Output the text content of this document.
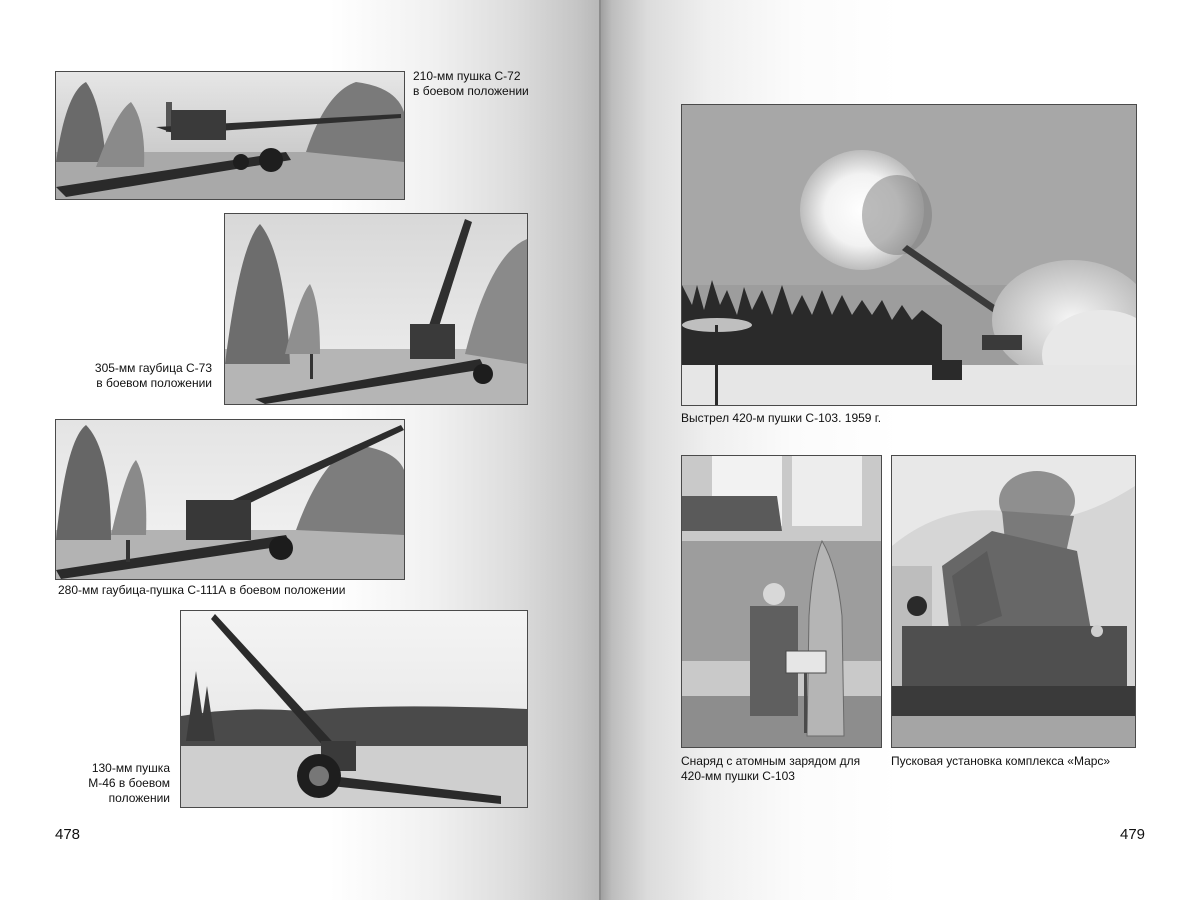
210-мм пушка С-72
в боевом положении
305-мм гаубица С-73
в боевом положении
280-мм гаубица-пушка С-111А в боевом положении
130-мм пушка
М-46 в боевом
положении
478
Выстрел 420-м пушки С-103. 1959 г.
Снаряд с атомным зарядом для
420-мм пушки С-103
Пусковая установка комплекса «Марс»
479
